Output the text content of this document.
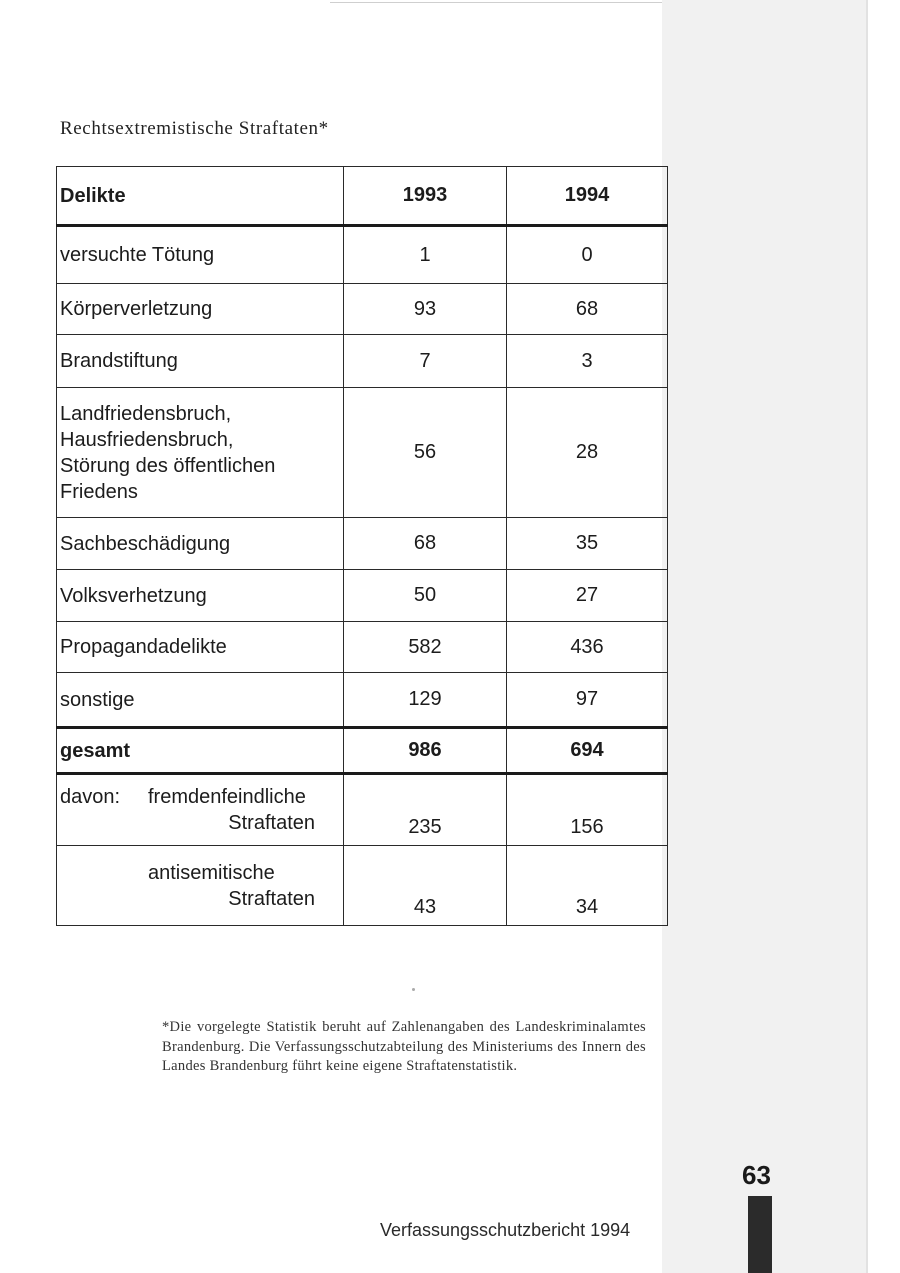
Rechtsextremistische Straftaten*
Delikte	1993	1994
versuchte Tötung	1	0
Körperverletzung	93	68
Brandstiftung	7	3

Landfriedensbruch,
Hausfriedensbruch,
Störung des öffentlichen
Friedens	56	28
Sachbeschädigung	68	35
Volksverhetzung	50	27
Propagandadelikte	582	436
sonstige	129	97
gesamt	986	694

davon: fremdenfeindliche
Straftaten	235	156

antisemitische
Straftaten	43	34

*Die vorgelegte Statistik beruht auf Zahlenangaben des Landeskriminalamtes Brandenburg. Die Verfassungsschutzabteilung des Ministeriums des Innern des Landes Brandenburg führt keine eigene Straftatenstatistik.

63
Verfassungsschutzbericht 1994
